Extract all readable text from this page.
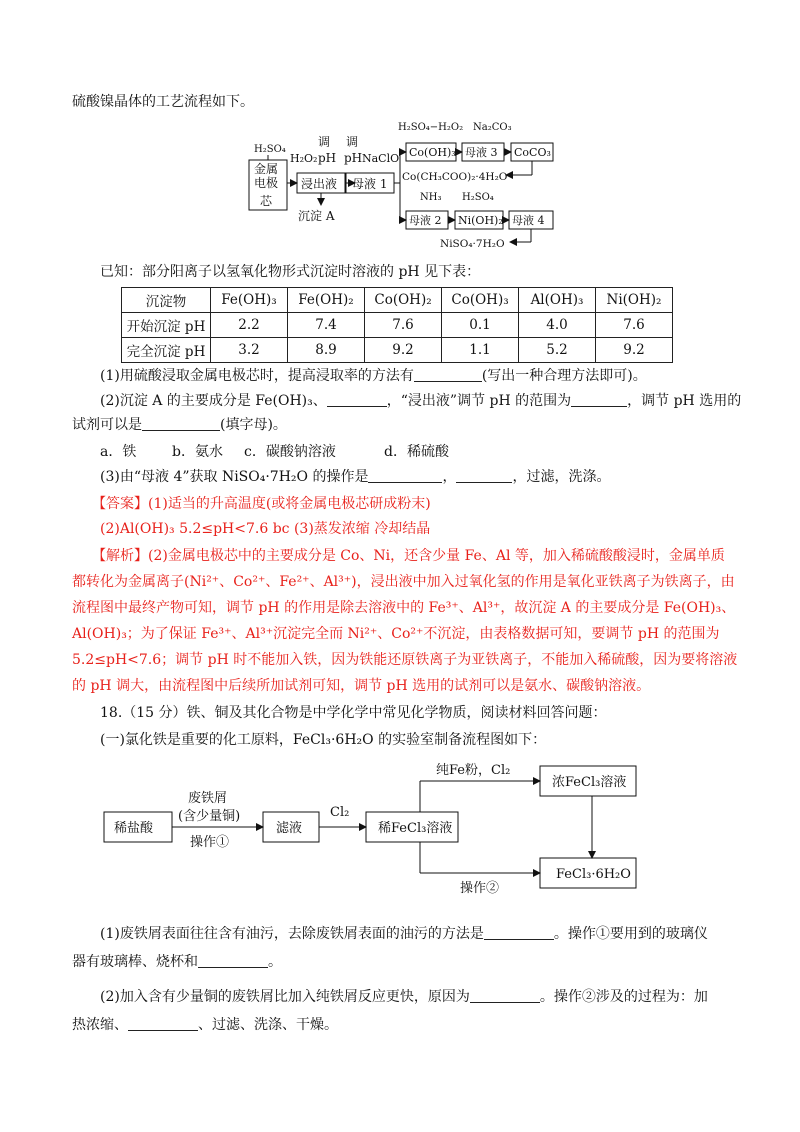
硫酸镍晶体的工艺流程如下。
金属
电极
芯
H₂SO₄
H₂O₂
调
pH
浸出液
沉淀 A
调
pH NaClO
母液 1
H₂SO₄−H₂O₂ Na₂CO₃
Co(OH)₃ 母液 3 CoCO₃
Co(CH₃COO)₂·4H₂O
NH₃ H₂SO₄
母液 2 Ni(OH)₂ 母液 4
NiSO₄·7H₂O
已知：部分阳离子以氢氧化物形式沉淀时溶液的 pH 见下表：
沉淀物	Fe(OH)₃	Fe(OH)₂	Co(OH)₂	Co(OH)₃	Al(OH)₃	Ni(OH)₂
开始沉淀 pH	2.2	7.4	7.6	0.1	4.0	7.6
完全沉淀 pH	3.2	8.9	9.2	1.1	5.2	9.2
(1)用硫酸浸取金属电极芯时，提高浸取率的方法有	(写出一种合理方法即可)。
(2)沉淀 A 的主要成分是 Fe(OH)₃、	，“浸出液”调节 pH 的范围为	，调节 pH 选用的
试剂可以是	(填字母)。
a．铁	b．氨水 c．碳酸钠溶液	d．稀硫酸
(3)由“母液 4”获取 NiSO₄·7H₂O 的操作是	，	，过滤，洗涤。
【答案】(1)适当的升高温度(或将金属电极芯研成粉末)
(2)Al(OH)₃ 5.2≤pH<7.6 bc (3)蒸发浓缩 冷却结晶
【解析】(2)金属电极芯中的主要成分是 Co、Ni，还含少量 Fe、Al 等，加入稀硫酸酸浸时，金属单质
都转化为金属离子(Ni²⁺、Co²⁺、Fe²⁺、Al³⁺)，浸出液中加入过氧化氢的作用是氧化亚铁离子为铁离子，由
流程图中最终产物可知，调节 pH 的作用是除去溶液中的 Fe³⁺、Al³⁺，故沉淀 A 的主要成分是 Fe(OH)₃、
Al(OH)₃；为了保证 Fe³⁺、Al³⁺沉淀完全而 Ni²⁺、Co²⁺不沉淀，由表格数据可知，要调节 pH 的范围为
5.2≤pH<7.6；调节 pH 时不能加入铁，因为铁能还原铁离子为亚铁离子，不能加入稀硫酸，因为要将溶液
的 pH 调大，由流程图中后续所加试剂可知，调节 pH 选用的试剂可以是氨水、碳酸钠溶液。
18.（15 分）铁、铜及其化合物是中学化学中常见化学物质，阅读材料回答问题：
(一)氯化铁是重要的化工原料，FeCl₃·6H₂O 的实验室制备流程图如下：
稀盐酸
废铁屑
(含少量铜)
操作①
滤液
Cl₂
稀FeCl₃溶液
纯Fe粉，Cl₂
浓FeCl₃溶液
操作②
FeCl₃·6H₂O
(1)废铁屑表面往往含有油污，去除废铁屑表面的油污的方法是	。操作①要用到的玻璃仪
器有玻璃棒、烧杯和	。
(2)加入含有少量铜的废铁屑比加入纯铁屑反应更快，原因为	。操作②涉及的过程为：加
热浓缩、	、过滤、洗涤、干燥。
